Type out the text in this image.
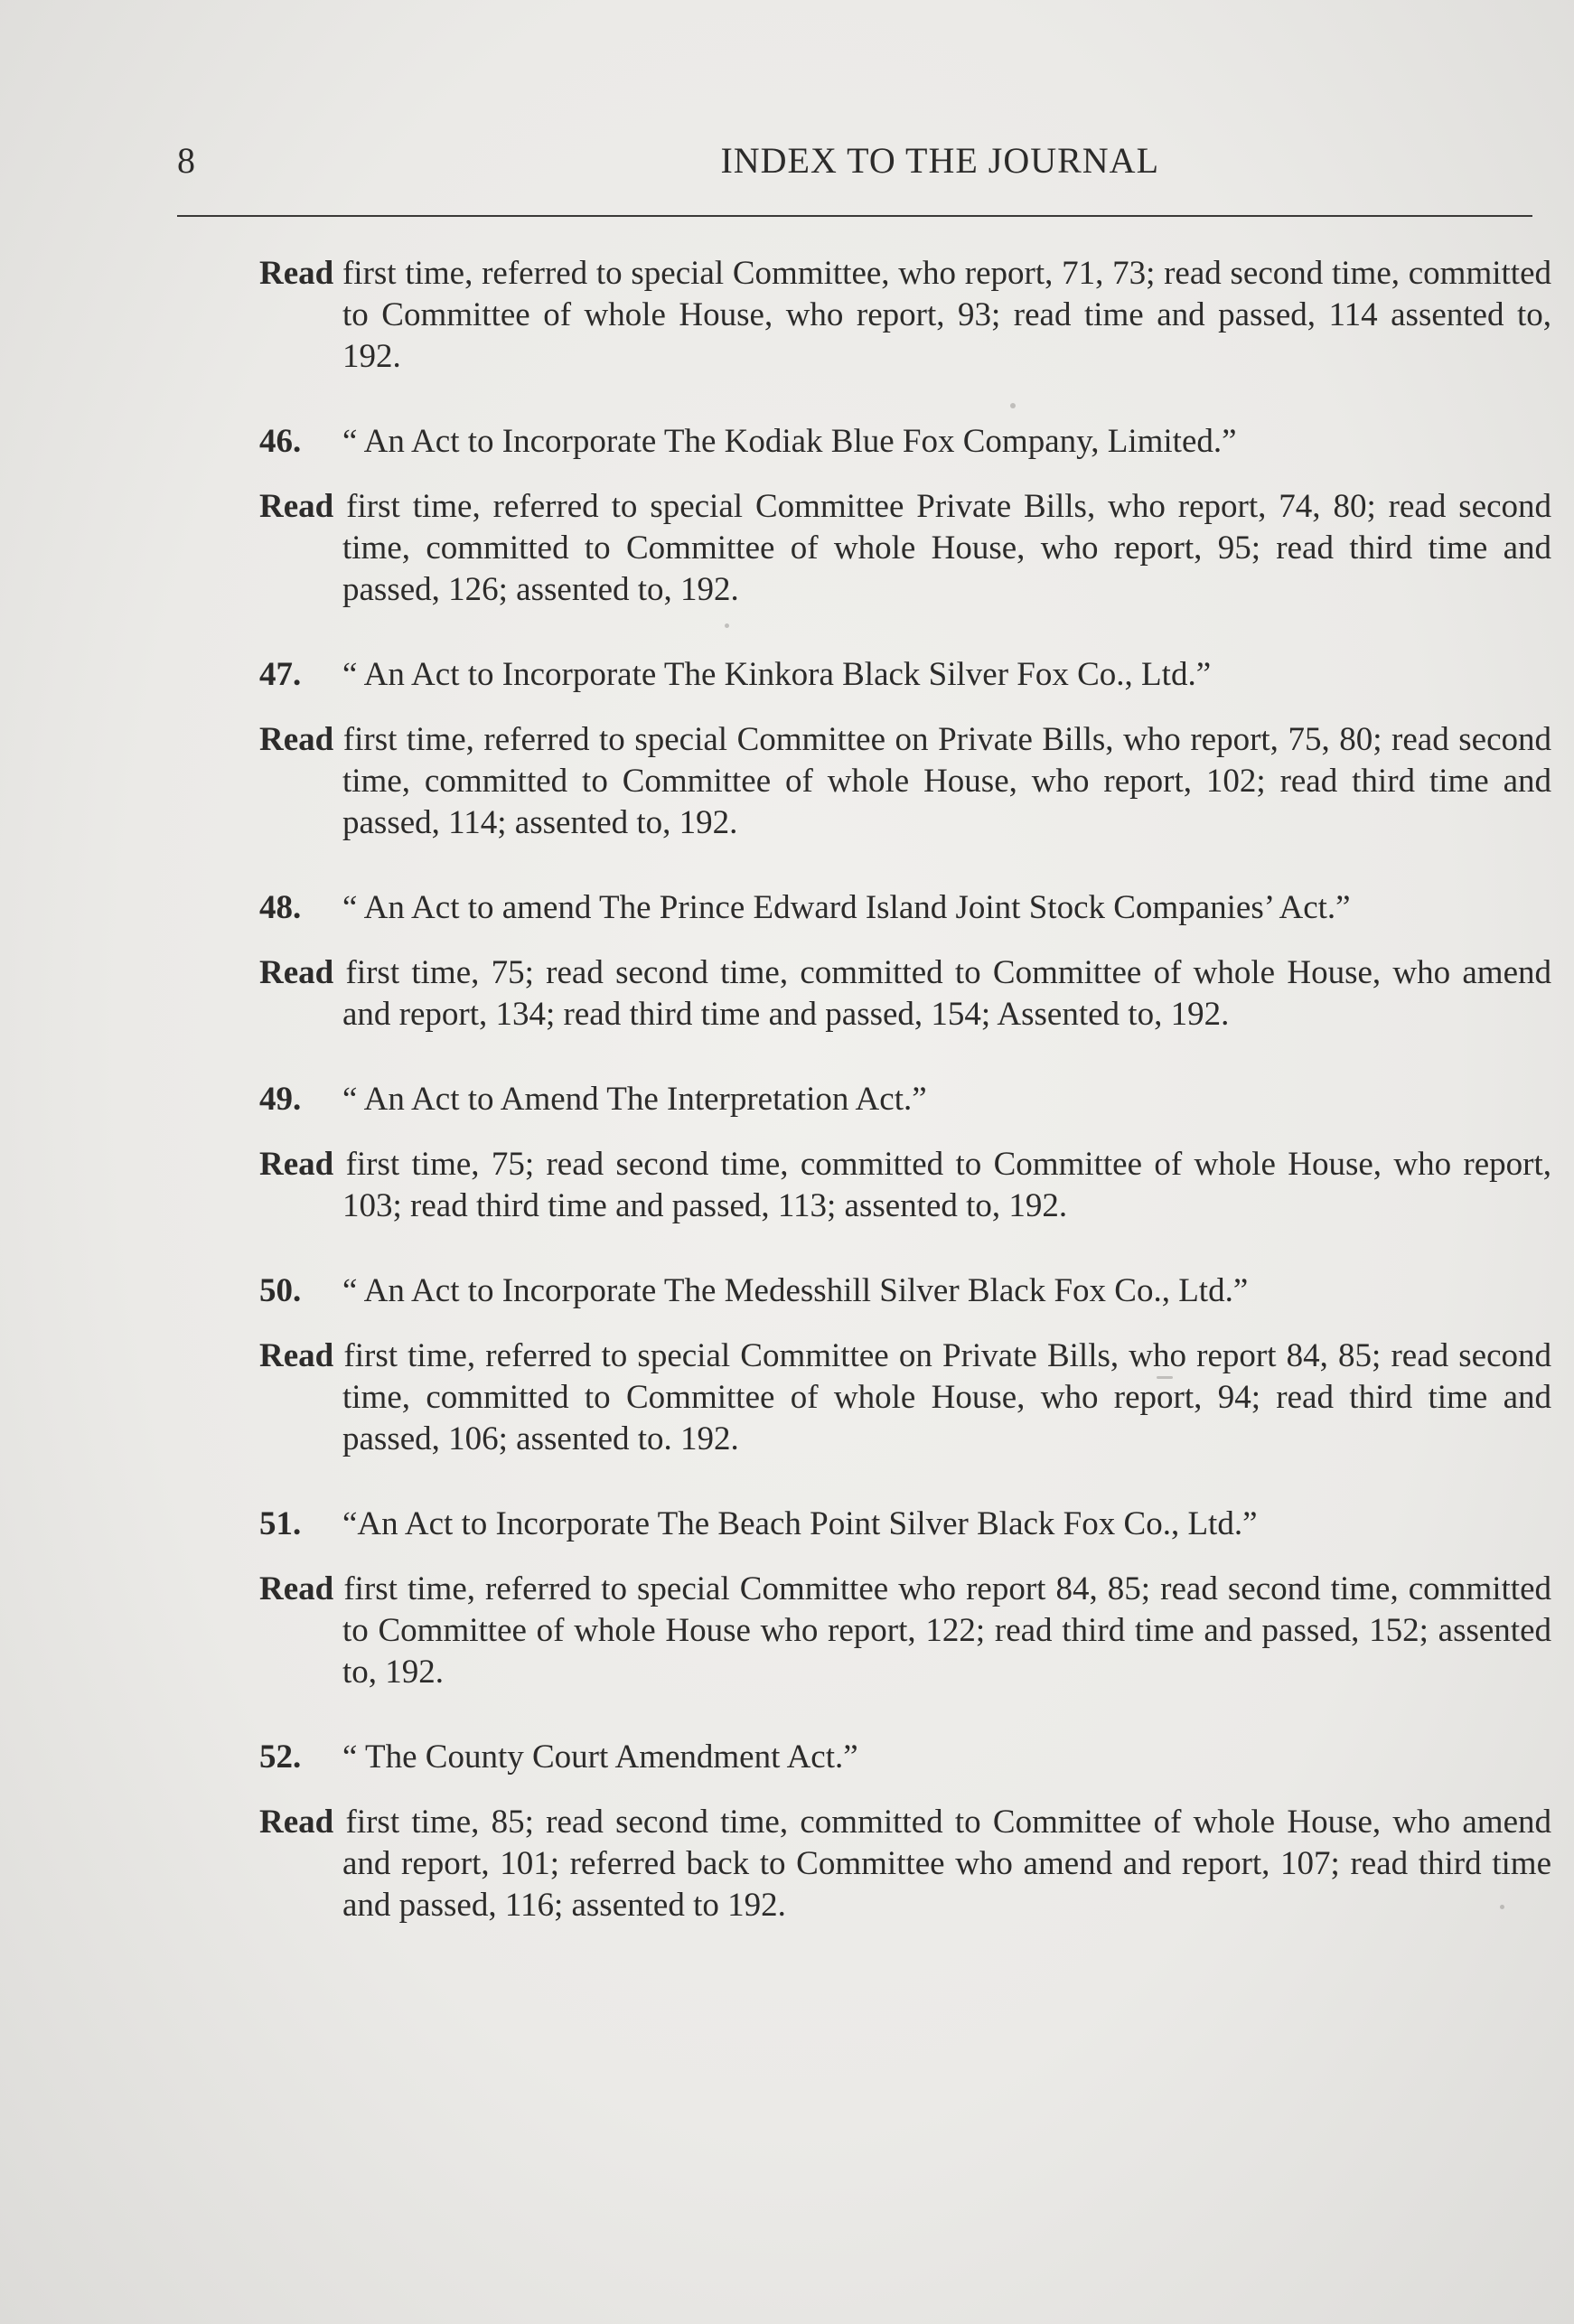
8	INDEX TO THE JOURNAL

Read first time, referred to special Committee, who report, 71, 73; read second time, committed to Committee of whole House, who report, 93; read time and passed, 114 assented to, 192.

46. “ An Act to Incorporate The Kodiak Blue Fox Company, Limited.”

Read first time, referred to special Committee Private Bills, who report, 74, 80; read second time, committed to Committee of whole House, who report, 95; read third time and passed, 126; assented to, 192.

47. “ An Act to Incorporate The Kinkora Black Silver Fox Co., Ltd.”

Read first time, referred to special Committee on Private Bills, who report, 75, 80; read second time, committed to Committee of whole House, who report, 102; read third time and passed, 114; assented to, 192.

48. “ An Act to amend The Prince Edward Island Joint Stock Companies’ Act.”

Read first time, 75; read second time, committed to Committee of whole House, who amend and report, 134; read third time and passed, 154; Assented to, 192.

49. “ An Act to Amend The Interpretation Act.”

Read first time, 75; read second time, committed to Committee of whole House, who report, 103; read third time and passed, 113; assented to, 192.

50. “ An Act to Incorporate The Medesshill Silver Black Fox Co., Ltd.”

Read first time, referred to special Committee on Private Bills, who report 84, 85; read second time, committed to Committee of whole House, who report, 94; read third time and passed, 106; assented to. 192.

51. “An Act to Incorporate The Beach Point Silver Black Fox Co., Ltd.”

Read first time, referred to special Committee who report 84, 85; read second time, committed to Committee of whole House who report, 122; read third time and passed, 152; assented to, 192.

52. “ The County Court Amendment Act.”

Read first time, 85; read second time, committed to Committee of whole House, who amend and report, 101; referred back to Committee who amend and report, 107; read third time and passed, 116; assented to 192.
